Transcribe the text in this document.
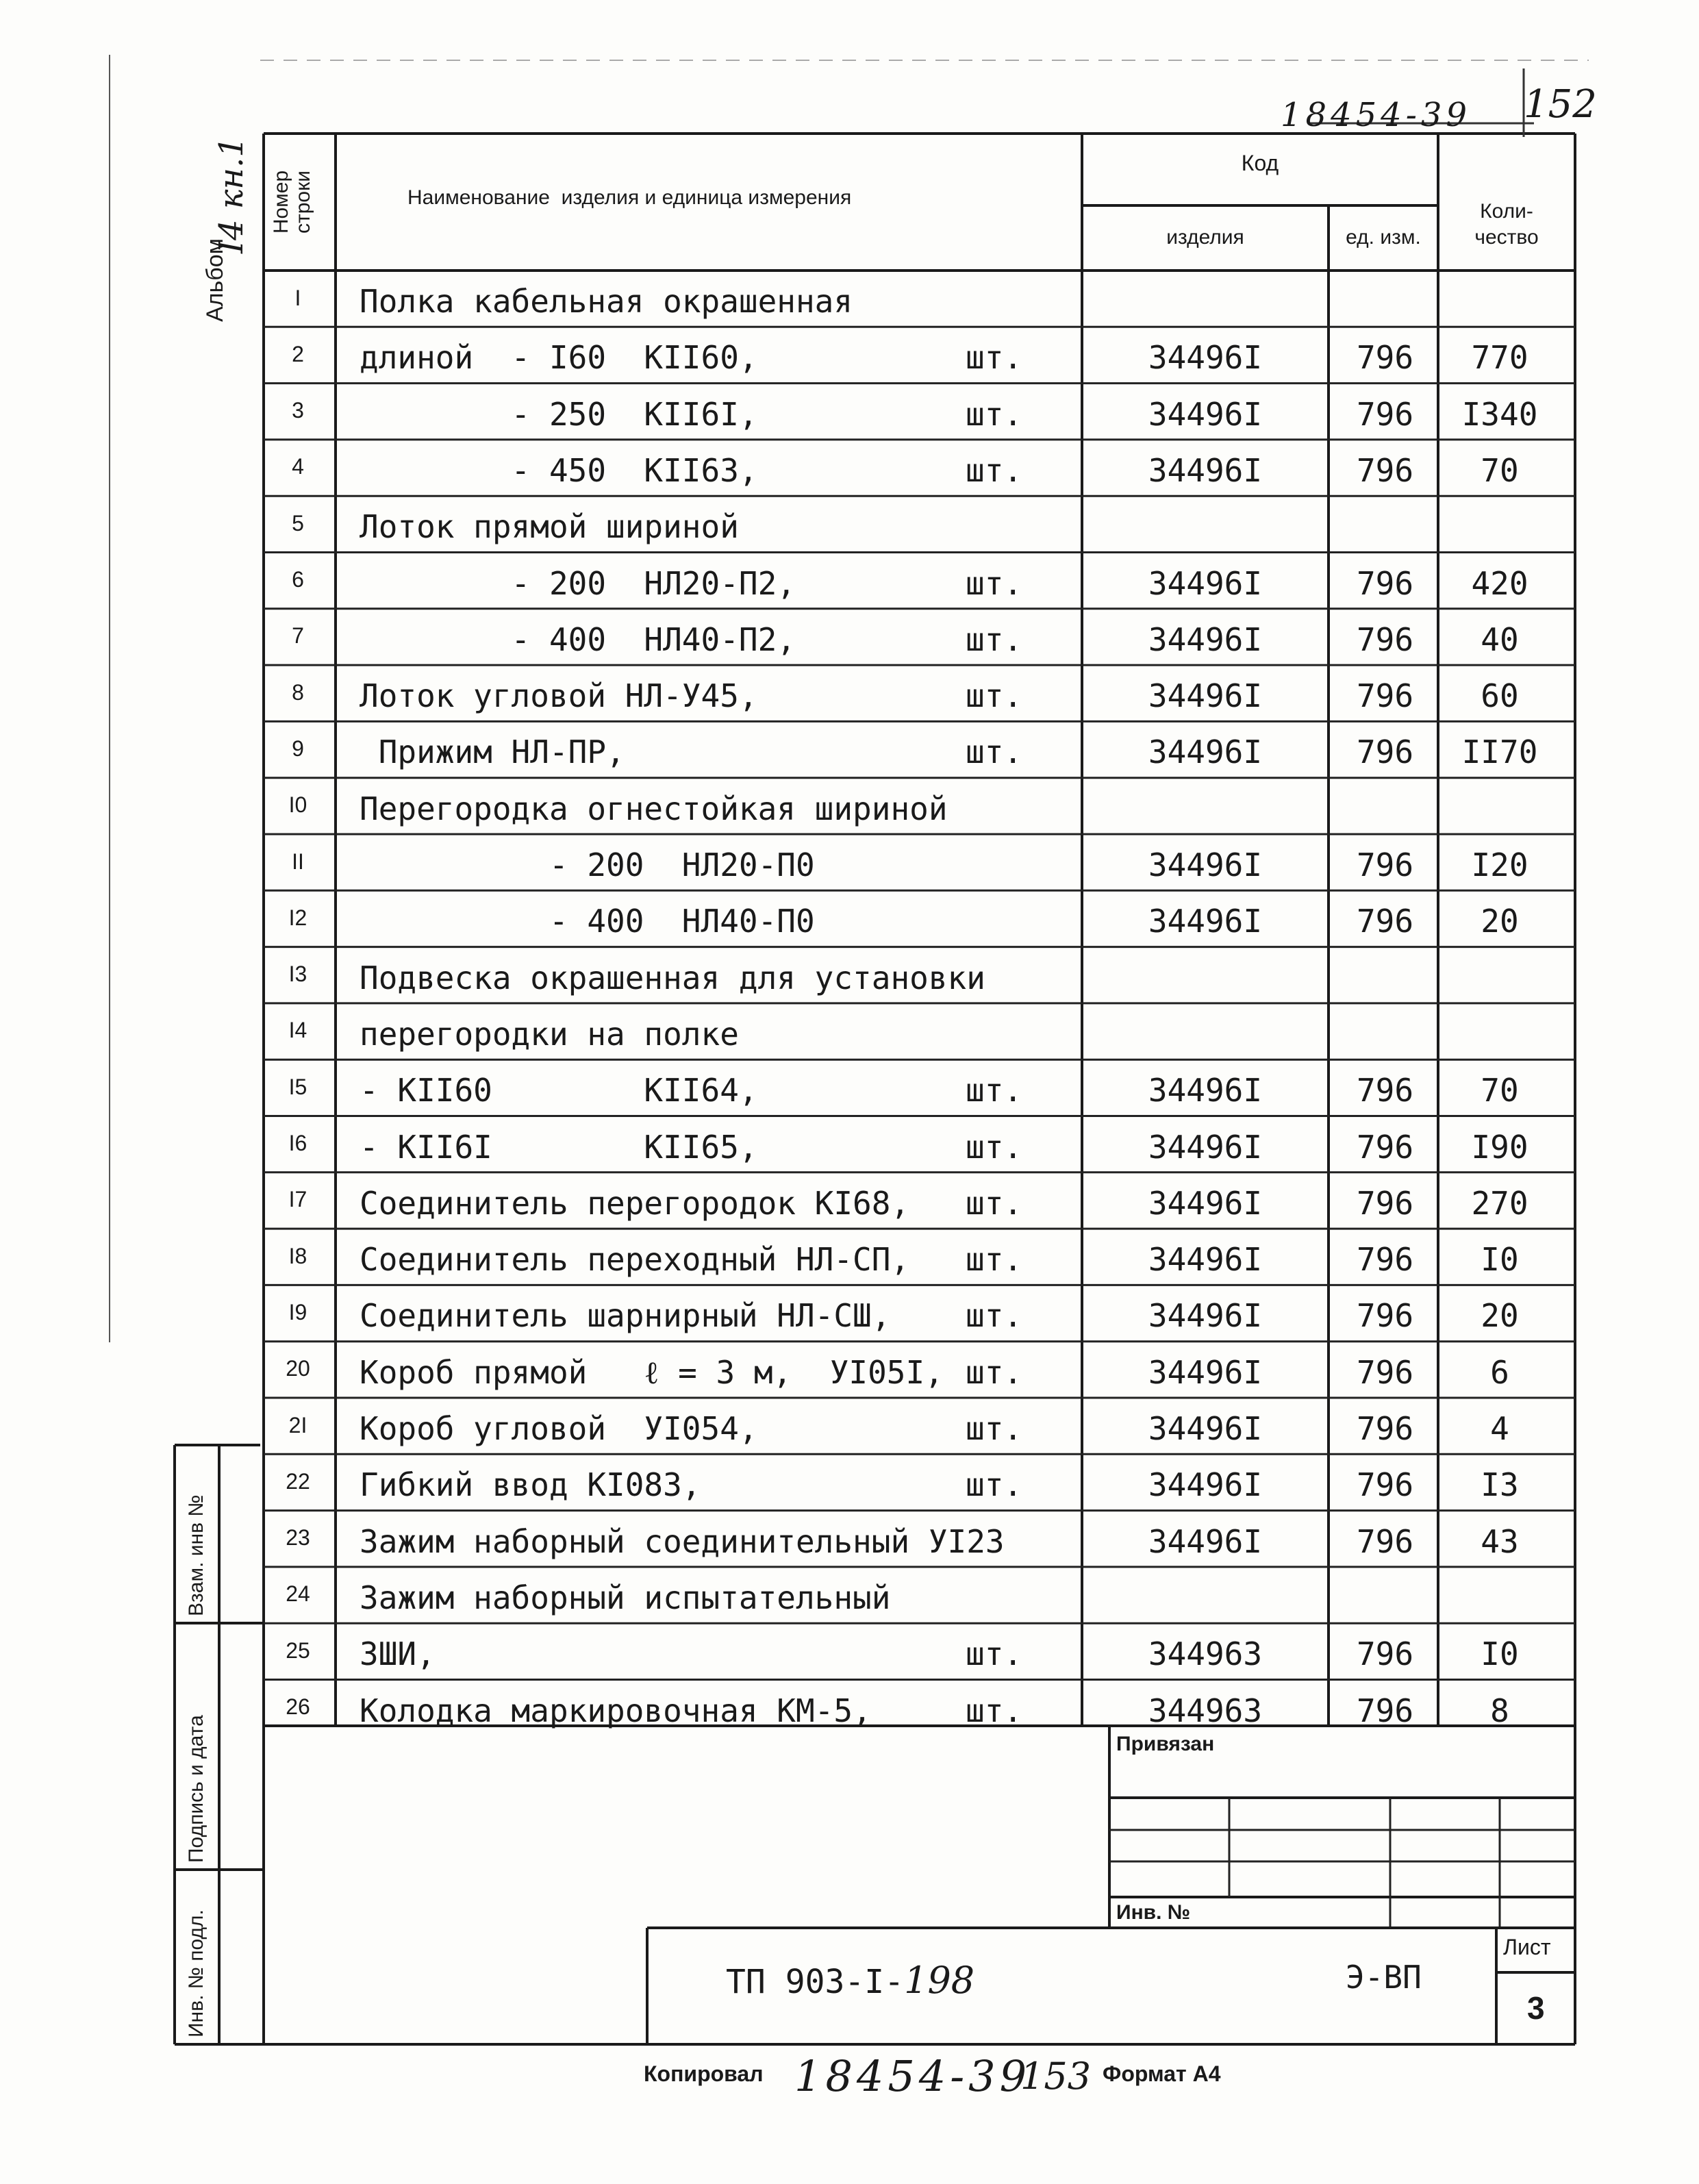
18454-39 152
Альбом
I4 кн.1 Номер строки	Наименование  изделия и единица измерения
Код
изделия	ед. изм.
Коли-
чество
I	Полка кабельная окрашенная
2	длиной  - I60  КII60,	шт.	34496I	796	770
3	- 250  КII6I,	шт.	34496I	796	I340
4	- 450  КII63,	шт.	34496I	796	70
5	Лоток прямой шириной
6	- 200  НЛ20-П2,	шт.	34496I	796	420
7	- 400  НЛ40-П2,	шт.	34496I	796	40
8	Лоток угловой НЛ-У45,	шт.	34496I	796	60
9	Прижим НЛ-ПР,	шт.	34496I	796	II70
I0	Перегородка огнестойкая шириной
II	- 200  НЛ20-П0	34496I	796	I20
I2	- 400  НЛ40-П0	34496I	796	20
I3	Подвеска окрашенная для установки
I4	перегородки на полке
I5	- КII60        КII64,	шт.	34496I	796	70
I6	- КII6I        КII65,	шт.	34496I	796	I90
I7	Соединитель перегородок КI68,	шт.	34496I	796	270
I8	Соединитель переходный НЛ-СП,	шт.	34496I	796	I0
I9	Соединитель шарнирный НЛ-СШ,	шт.	34496I	796	20
20	Короб прямой   ℓ = 3 м,  УI05I, шт.	34496I	796	6
2I	Короб угловой  УI054,	шт.	34496I	796	4
22	Гибкий ввод КI083,	шт.	34496I	796	I3
23	Зажим наборный соединительный УI23	34496I	796	43
24	Зажим наборный испытательный
25	ЗШИ,	шт.	344963	796	I0
26	Колодка маркировочная КМ-5,	шт.	344963	796	8
Взам. инв №
Подпись и дата
Инв. № подл.
Привязан
Инв. №
ТП 903-I-198	Э-ВП
Лист
3
Копировал 18454-39
153 Формат А4
